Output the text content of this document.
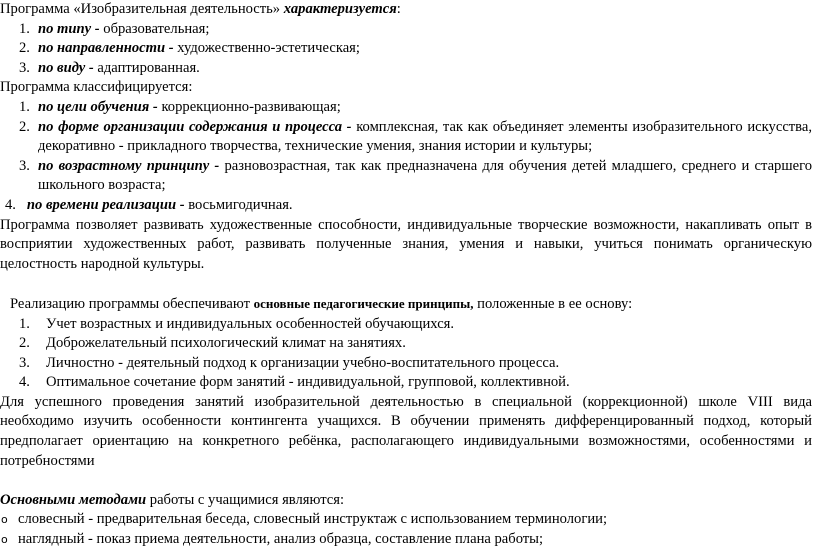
Программа «Изобразительная деятельность» характеризуется:

1. по типу - образовательная;
2. по направленности - художественно-эстетическая;
3. по виду - адаптированная.

Программа классифицируется:

1. по цели обучения - коррекционно-развивающая;
2. по форме организации содержания и процесса - комплексная, так как объединяет элементы изобразительного искусства, декоративно - прикладного творчества, технические умения, знания истории и культуры;
3. по возрастному принципу - разновозрастная, так как предназначена для обучения детей младшего, среднего и старшего школьного возраста;

4. по времени реализации - восьмигодичная.

Программа позволяет развивать художественные способности, индивидуальные творческие возможности, накапливать опыт в восприятии художественных работ, развивать полученные знания, умения и навыки, учиться понимать органическую целостность народной культуры.

Реализацию программы обеспечивают основные педагогические принципы, положенные в ее основу:

1. Учет возрастных и индивидуальных особенностей обучающихся.
2. Доброжелательный психологический климат на занятиях.
3. Личностно - деятельный подход к организации учебно-воспитательного процесса.
4. Оптимальное сочетание форм занятий - индивидуальной, групповой, коллективной.

Для успешного проведения занятий изобразительной деятельностью в специальной (коррекционной) школе VIII вида необходимо изучить особенности контингента учащихся. В обучении применять дифференцированный подход, который предполагает ориентацию на конкретного ребёнка, располагающего индивидуальными возможностями, особенностями и потребностями

Основными методами работы с учащимися являются:

o словесный - предварительная беседа, словесный инструктаж с использованием терминологии;
o наглядный - показ приема деятельности, анализ образца, составление плана работы;
